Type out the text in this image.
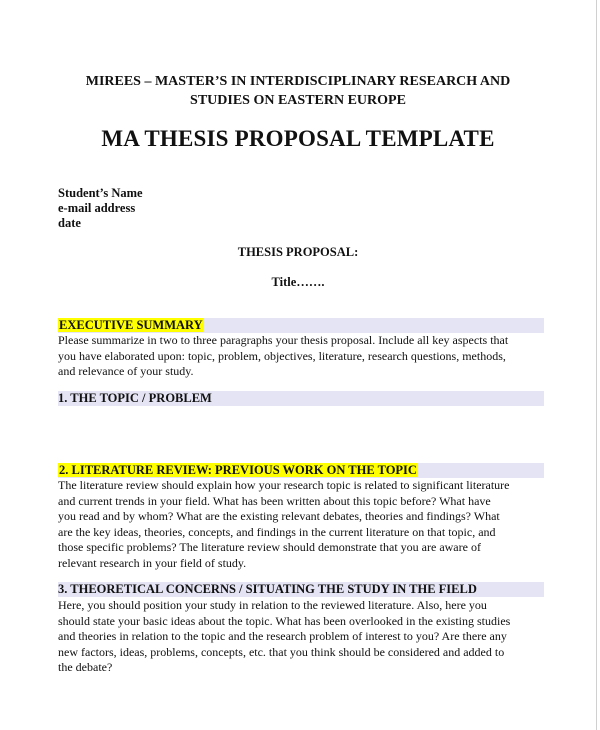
MIREES – MASTER’S IN INTERDISCIPLINARY RESEARCH AND
STUDIES ON EASTERN EUROPE
MA THESIS PROPOSAL TEMPLATE
Student’s Name
e-mail address
date
THESIS PROPOSAL:
Title…….
EXECUTIVE SUMMARY
Please summarize in two to three paragraphs your thesis proposal. Include all key aspects that
you have elaborated upon: topic, problem, objectives, literature, research questions, methods,
and relevance of your study.
1. THE TOPIC / PROBLEM
2. LITERATURE REVIEW: PREVIOUS WORK ON THE TOPIC
The literature review should explain how your research topic is related to significant literature
and current trends in your field. What has been written about this topic before? What have
you read and by whom? What are the existing relevant debates, theories and findings? What
are the key ideas, theories, concepts, and findings in the current literature on that topic, and
those specific problems? The literature review should demonstrate that you are aware of
relevant research in your field of study.
3. THEORETICAL CONCERNS / SITUATING THE STUDY IN THE FIELD
Here, you should position your study in relation to the reviewed literature. Also, here you
should state your basic ideas about the topic. What has been overlooked in the existing studies
and theories in relation to the topic and the research problem of interest to you? Are there any
new factors, ideas, problems, concepts, etc. that you think should be considered and added to
the debate?
